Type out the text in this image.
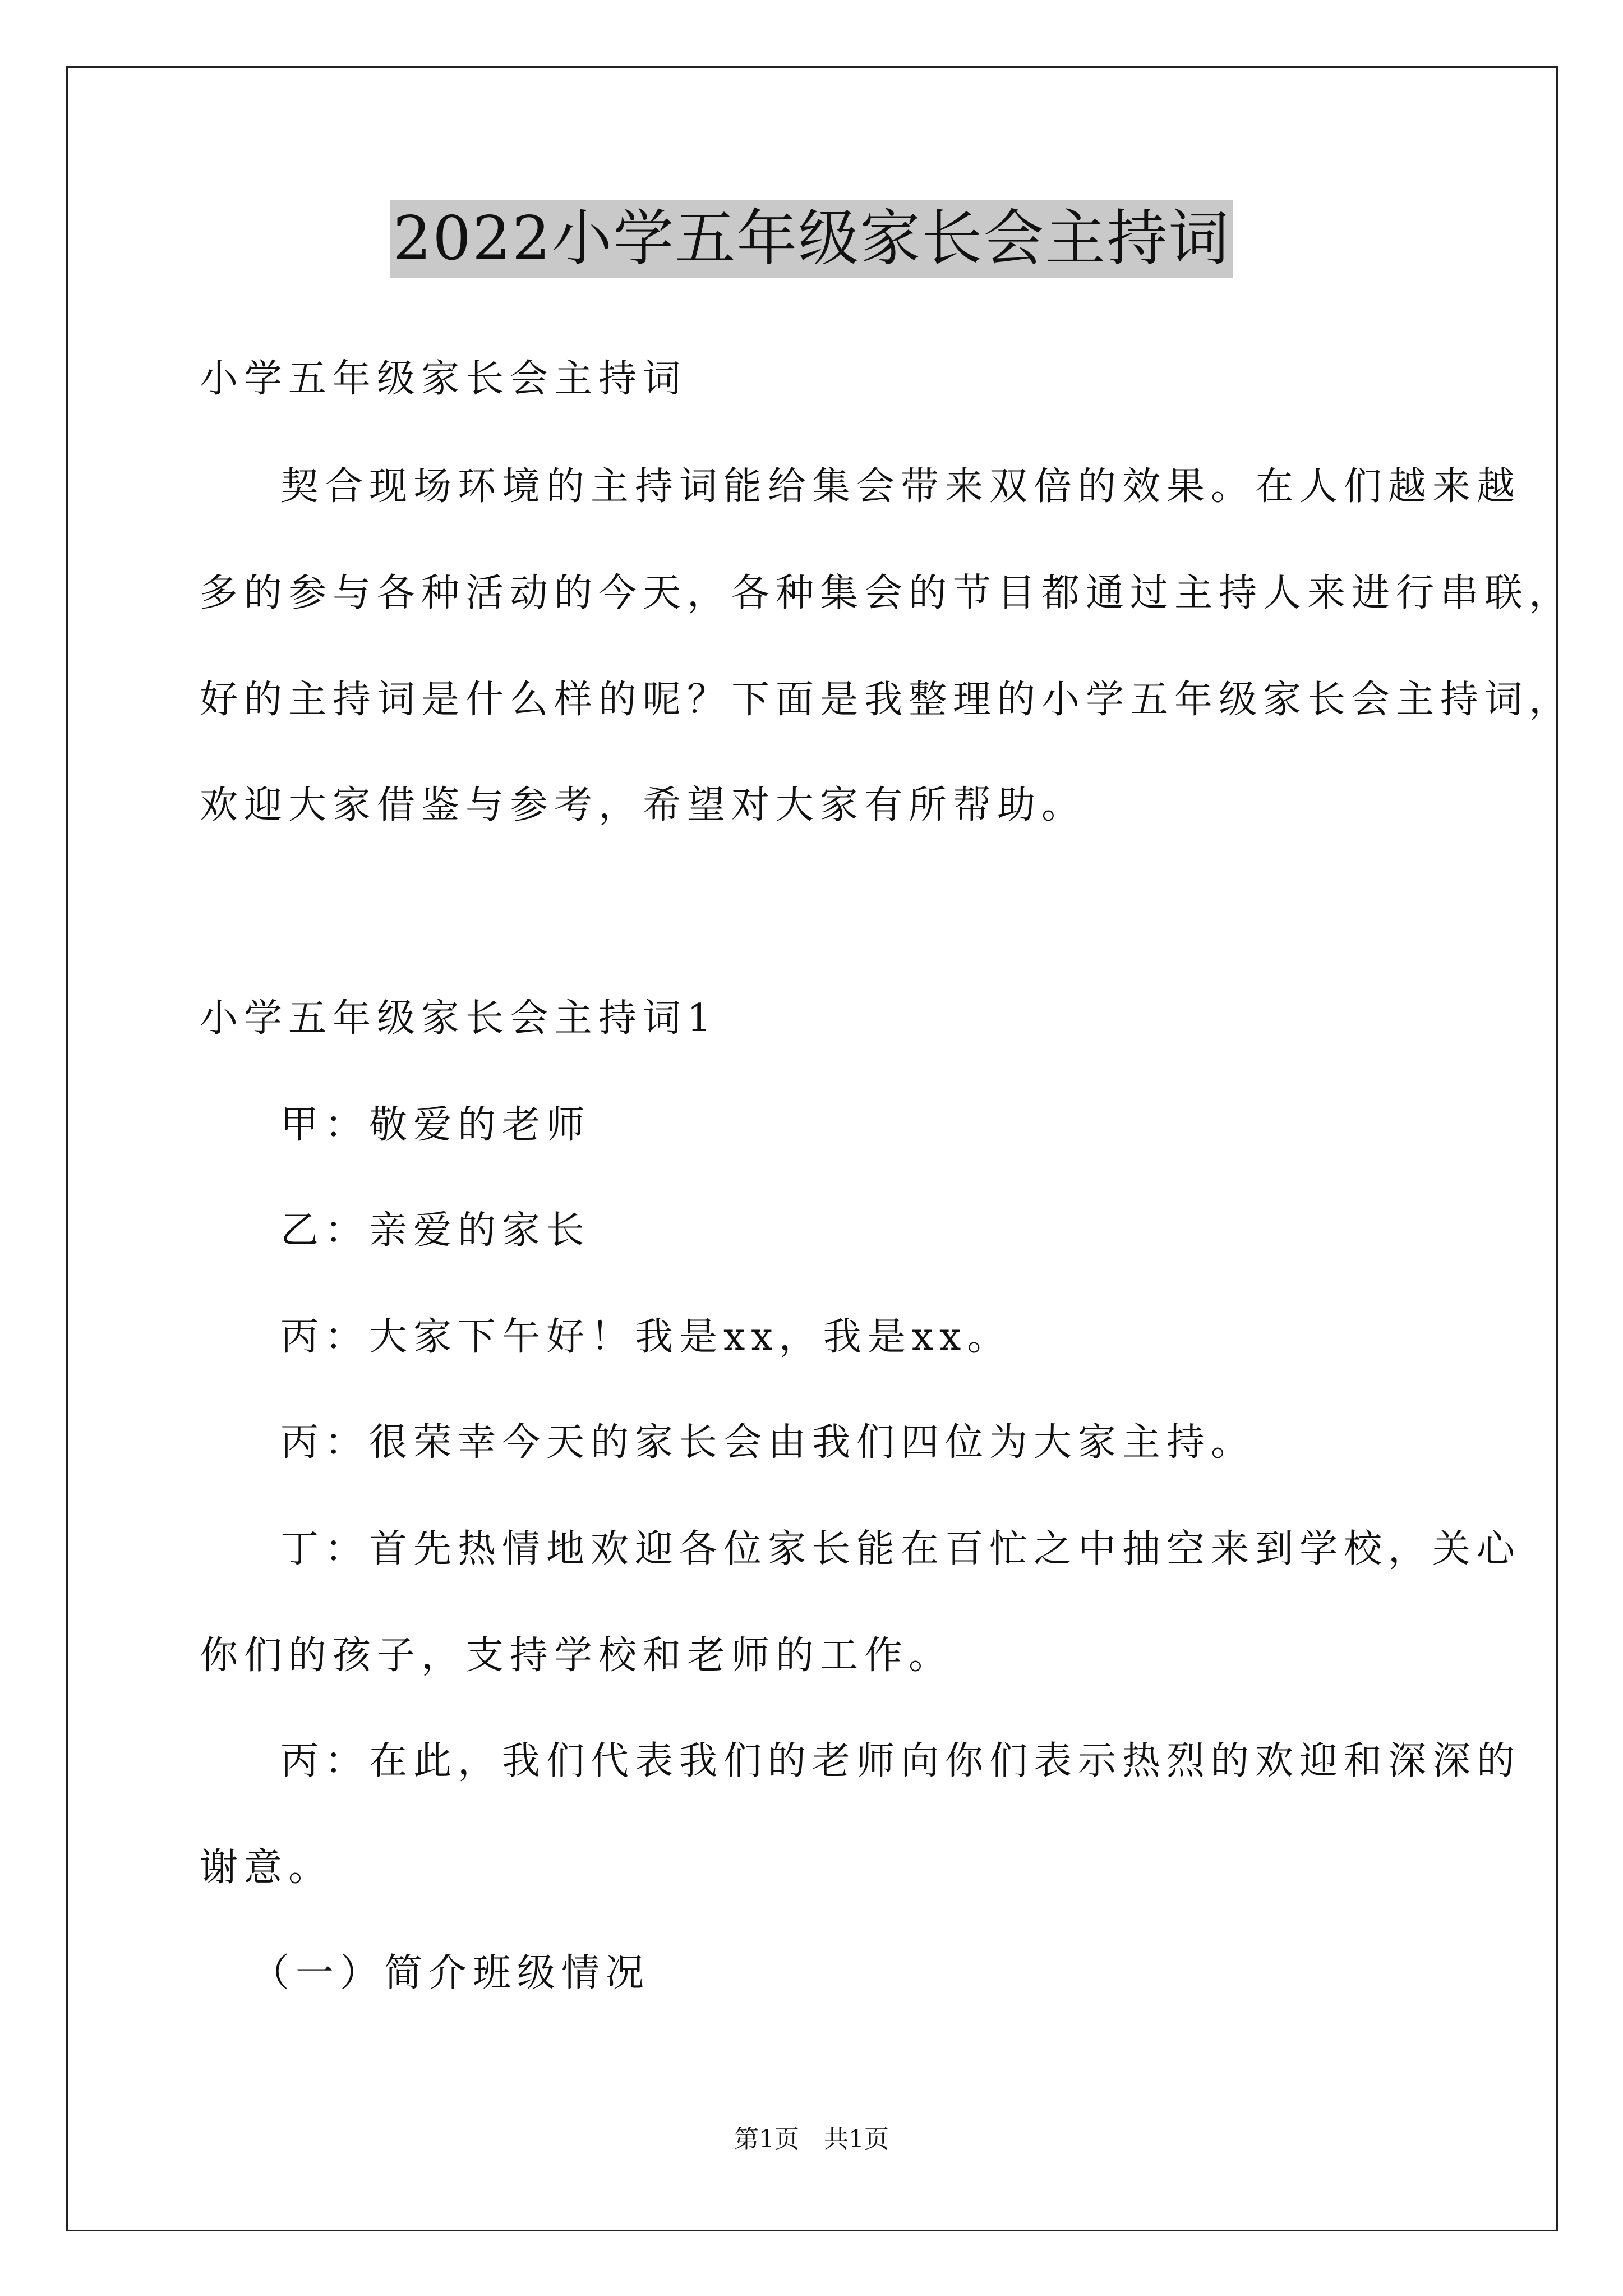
2022小学五年级家长会主持词
小学五年级家长会主持词
契合现场环境的主持词能给集会带来双倍的效果。在人们越来越
多的参与各种活动的今天，各种集会的节目都通过主持人来进行串联，
好的主持词是什么样的呢？下面是我整理的小学五年级家长会主持词，
欢迎大家借鉴与参考，希望对大家有所帮助。
小学五年级家长会主持词1
甲：敬爱的老师
乙：亲爱的家长
丙：大家下午好！我是xx，我是xx。
丙：很荣幸今天的家长会由我们四位为大家主持。
丁：首先热情地欢迎各位家长能在百忙之中抽空来到学校，关心
你们的孩子，支持学校和老师的工作。
丙：在此，我们代表我们的老师向你们表示热烈的欢迎和深深的
谢意。
（一）简介班级情况
第1页　共1页
